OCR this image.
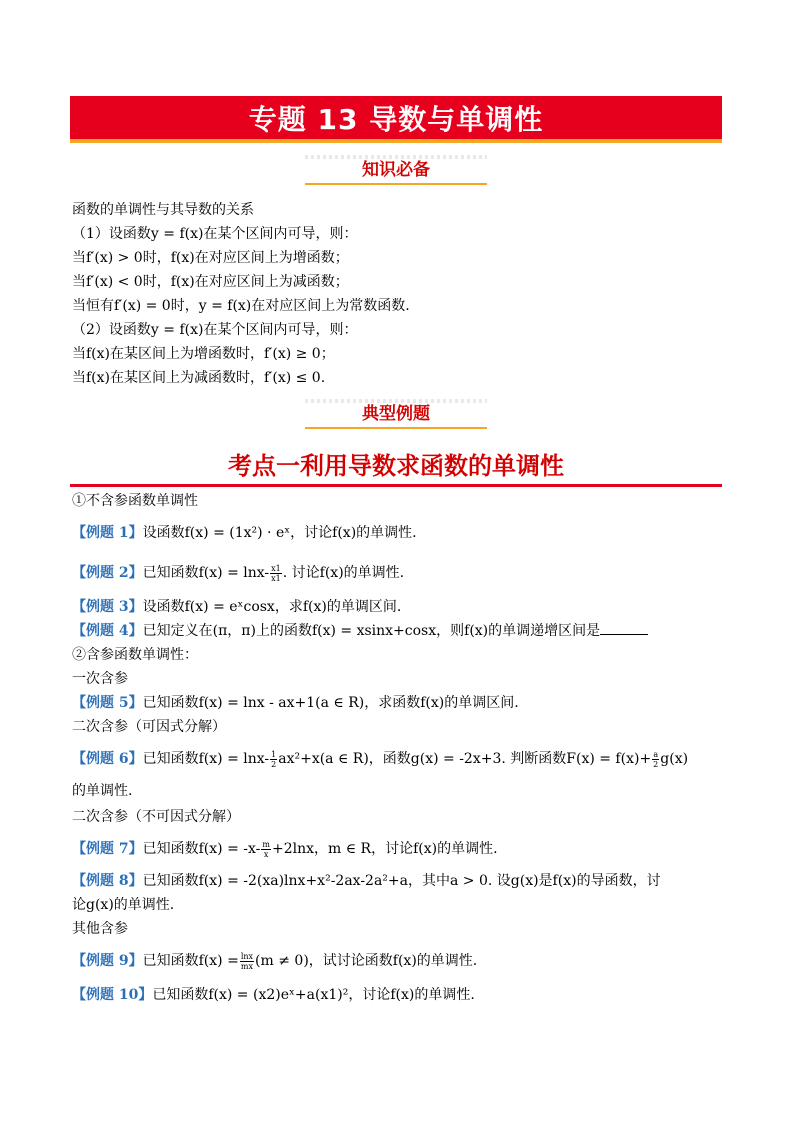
专题 13 导数与单调性
知识必备
函数的单调性与其导数的关系
（1）设函数y = f(x)在某个区间内可导，则：
当f′(x) > 0时，f(x)在对应区间上为增函数；
当f′(x) < 0时，f(x)在对应区间上为减函数；
当恒有f′(x) = 0时，y = f(x)在对应区间上为常数函数.
（2）设函数y = f(x)在某个区间内可导，则：
当f(x)在某区间上为增函数时，f′(x) ≥ 0；
当f(x)在某区间上为减函数时，f′(x) ≤ 0.
典型例题
考点一利用导数求函数的单调性
①不含参函数单调性
【例题 1】设函数f(x) = (1x²) · eˣ，讨论f(x)的单调性.
【例题 2】已知函数$f(x) = \ln x- \frac{x1}{x1}$ . 讨论f(x)的单调性.
【例题 3】设函数f(x) = eˣcosx，求f(x)的单调区间.
【例题 4】已知定义在(π，π)上的函数f(x) = xsinx+cosx，则f(x)的单调递增区间是
②含参函数单调性：
一次含参
【例题 5】已知函数f(x) = lnx - ax+1(a ∈ R)，求函数f(x)的单调区间.
二次含参（可因式分解）
【例题 6】已知函数$f(x) = \ln x- \frac{1}{2} ax^2+x(a$ ∈ R)，函数g(x) = -2x+3. 判断函数$F(x) = f(x)+ \frac{a}{2} g(x)$
的单调性.
二次含参（不可因式分解）
【例题 7】已知函数$f(x) = -x- \frac{m}{x} +2\ln x$，m ∈ R，讨论f(x)的单调性.
【例题 8】已知函数f(x) = -2(xa)lnx+x²-2ax-2a²+a，其中a > 0. 设g(x)是f(x)的导函数，讨
论g(x)的单调性.
其他含参
【例题 9】已知函数$f(x) = \frac{\ln x}{mx} (m \ne 0)$，试讨论函数f(x)的单调性.
【例题 10】已知函数f(x) = (x2)eˣ+a(x1)²，讨论f(x)的单调性.
